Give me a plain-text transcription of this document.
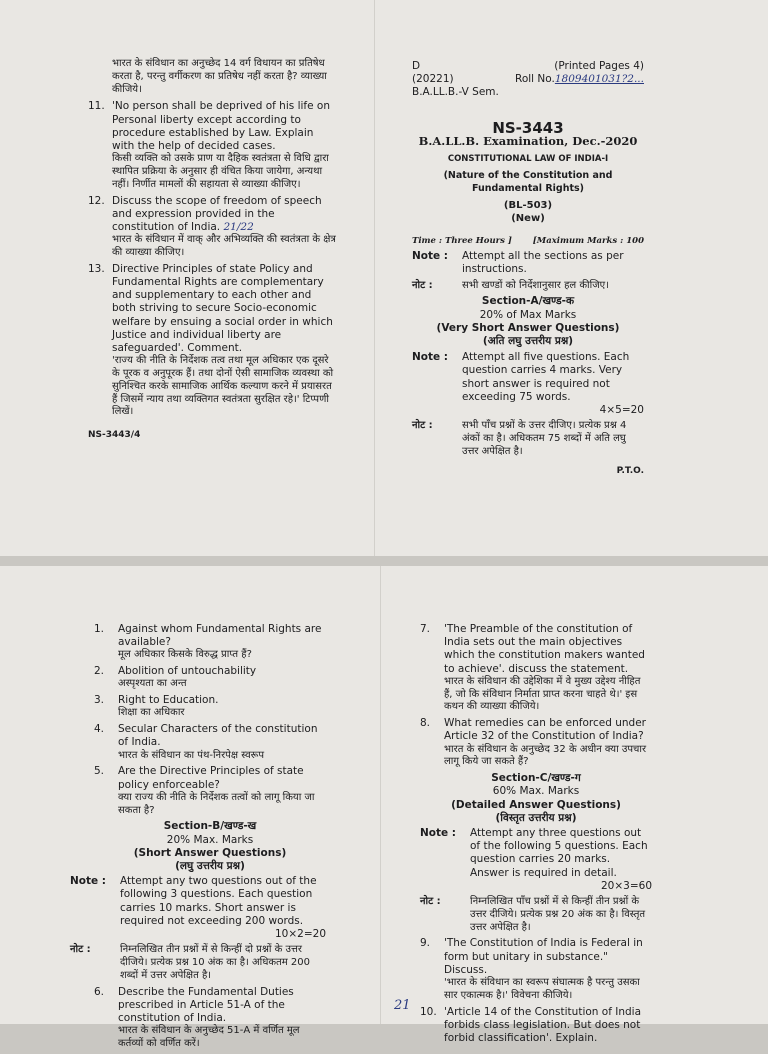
भारत के संविधान का अनुच्छेद 14 वर्ग विधायन का प्रतिषेध करता है, परन्तु वर्गीकरण का प्रतिषेध नहीं करता है? व्याख्या कीजिये।
11. 'No person shall be deprived of his life on Personal liberty except according to procedure established by Law. Explain with the help of decided cases.
किसी व्यक्ति को उसके प्राण या दैहिक स्वतंत्रता से विधि द्वारा स्थापित प्रक्रिया के अनुसार ही वंचित किया जायेगा, अन्यथा नहीं। निर्णीत मामलों की सहायता से व्याख्या कीजिए।
12. Discuss the scope of freedom of speech and expression provided in the constitution of India. 21/22
भारत के संविधान में वाक् और अभिव्यक्ति की स्वतंत्रता के क्षेत्र की व्याख्या कीजिए।
13. Directive Principles of state Policy and Fundamental Rights are complementary and supplementary to each other and both striving to secure Socio-economic welfare by ensuing a social order in which Justice and individual liberty are safeguarded'. Comment.
'राज्य की नीति के निर्देशक तत्व तथा मूल अधिकार एक दूसरे के पूरक व अनुपूरक हैं। तथा दोनों ऐसी सामाजिक व्यवस्था को सुनिश्चित करके सामाजिक आर्थिक कल्याण करने में प्रयासरत हैं जिसमें न्याय तथा व्यक्तिगत स्वतंत्रता सुरक्षित रहे।' टिप्पणी लिखें।
NS-3443/4
D	(Printed Pages 4)
(20221)	Roll No.1809401031?2...
B.A.LL.B.-V Sem.
NS-3443
B.A.LL.B. Examination, Dec.-2020
CONSTITUTIONAL LAW OF INDIA-I
(Nature of the Constitution and Fundamental Rights)
(BL-503)
(New)
Time : Three Hours ] [Maximum Marks : 100
Note :	Attempt all the sections as per instructions.
नोट :	सभी खण्डों को निर्देशानुसार हल कीजिए।
Section-A/खण्ड-क
20% of Max Marks
(Very Short Answer Questions)
(अति लघु उत्तरीय प्रश्न)
Note :	Attempt all five questions. Each question carries 4 marks. Very short answer is required not exceeding 75 words.
4×5=20
नोट :	सभी पाँच प्रश्नों के उत्तर दीजिए। प्रत्येक प्रश्न 4 अंकों का है। अधिकतम 75 शब्दों में अति लघु उत्तर अपेक्षित है।
P.T.O.
1.	Against whom Fundamental Rights are available?
मूल अधिकार किसके विरुद्ध प्राप्त हैं?
2.	Abolition of untouchability
अस्पृश्यता का अन्त
3.	Right to Education.
शिक्षा का अधिकार
4.	Secular Characters of the constitution of India.
भारत के संविधान का पंथ-निरपेक्ष स्वरूप
5.	Are the Directive Principles of state policy enforceable?
क्या राज्य की नीति के निर्देशक तत्वों को लागू किया जा सकता है?
Section-B/खण्ड-ख
20% Max. Marks
(Short Answer Questions)
(लघु उत्तरीय प्रश्न)
Note :	Attempt any two questions out of the following 3 questions. Each question carries 10 marks. Short answer is required not exceeding 200 words.
10×2=20
नोट :	निम्नलिखित तीन प्रश्नों में से किन्हीं दो प्रश्नों के उत्तर दीजिये। प्रत्येक प्रश्न 10 अंक का है। अधिकतम 200 शब्दों में उत्तर अपेक्षित है।
6.	Describe the Fundamental Duties prescribed in Article 51-A of the constitution of India.
भारत के संविधान के अनुच्छेद 51-A में वर्णित मूल कर्तव्यों को वर्णित करें।
7.	'The Preamble of the constitution of India sets out the main objectives which the constitution makers wanted to achieve'. discuss the statement.
भारत के संविधान की उद्देशिका में वे मुख्य उद्देश्य नीहित हैं, जो कि संविधान निर्माता प्राप्त करना चाहते थे।' इस कथन की व्याख्या कीजिये।
8.	What remedies can be enforced under Article 32 of the Constitution of India?
भारत के संविधान के अनुच्छेद 32 के अधीन क्या उपचार लागू किये जा सकते हैं?
Section-C/खण्ड-ग
60% Max. Marks
(Detailed Answer Questions)
(विस्तृत उत्तरीय प्रश्न)
Note :	Attempt any three questions out of the following 5 questions. Each question carries 20 marks. Answer is required in detail.
20×3=60
नोट :	निम्नलिखित पाँच प्रश्नों में से किन्हीं तीन प्रश्नों के उत्तर दीजिये। प्रत्येक प्रश्न 20 अंक का है। विस्तृत उत्तर अपेक्षित है।
9.	'The Constitution of India is Federal in form but unitary in substance." Discuss.
'भारत के संविधान का स्वरूप संघात्मक है परन्तु उसका सार एकात्मक है।' विवेचना कीजिये।
10. 'Article 14 of the Constitution of India forbids class legislation. But does not forbid classification'. Explain.
21
